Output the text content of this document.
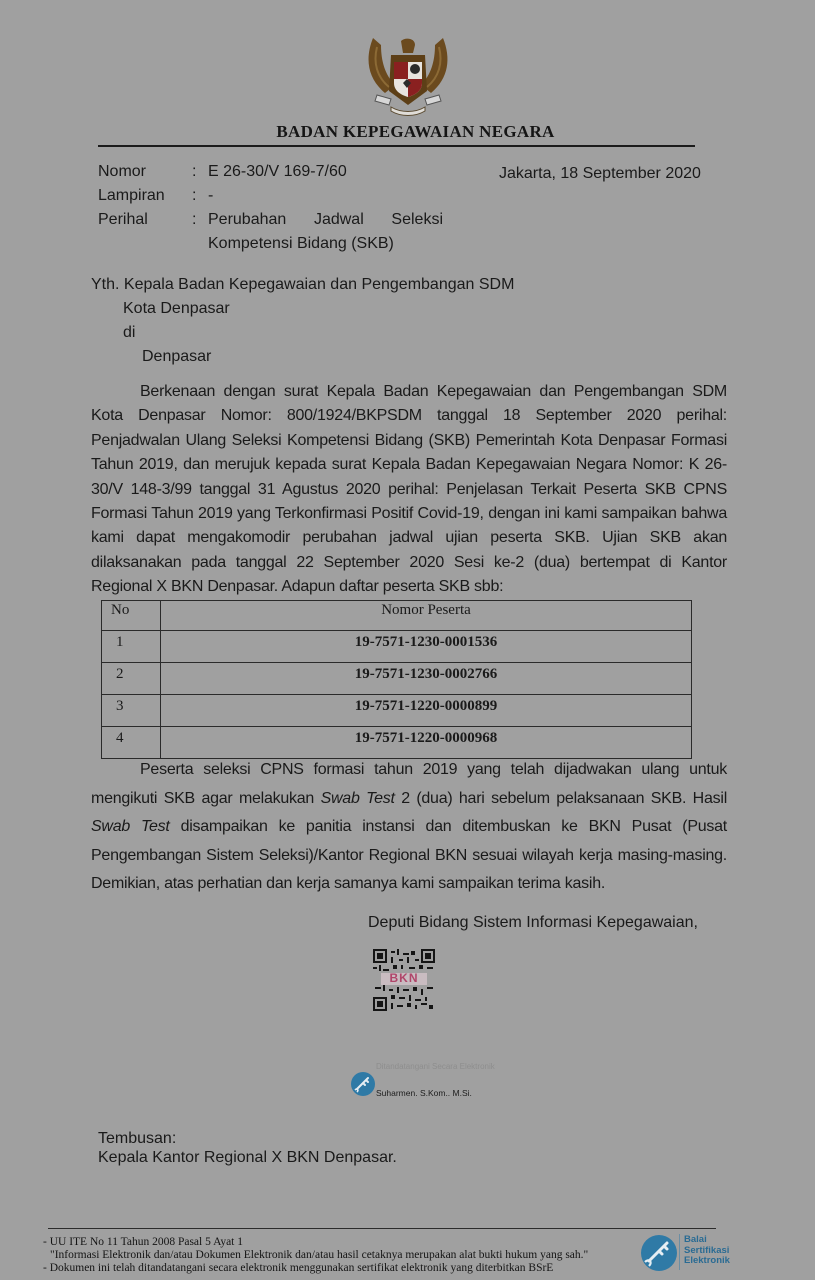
BADAN KEPEGAWAIAN NEGARA
Nomor	: E 26-30/V 169-7/60
Lampiran : -
Perihal	: Perubahan Jadwal Seleksi
Kompetensi Bidang (SKB)
Jakarta, 18 September 2020
Yth. Kepala Badan Kepegawaian dan Pengembangan SDM
Kota Denpasar
di
Denpasar

Berkenaan dengan surat Kepala Badan Kepegawaian dan Pengembangan SDM Kota Denpasar Nomor: 800/1924/BKPSDM tanggal 18 September 2020 perihal: Penjadwalan Ulang Seleksi Kompetensi Bidang (SKB) Pemerintah Kota Denpasar Formasi Tahun 2019, dan merujuk kepada surat Kepala Badan Kepegawaian Negara Nomor: K 26-30/V 148-3/99 tanggal 31 Agustus 2020 perihal: Penjelasan Terkait Peserta SKB CPNS Formasi Tahun 2019 yang Terkonfirmasi Positif Covid-19, dengan ini kami sampaikan bahwa kami dapat mengakomodir perubahan jadwal ujian peserta SKB. Ujian SKB akan dilaksanakan pada tanggal 22 September 2020 Sesi ke-2 (dua) bertempat di Kantor Regional X BKN Denpasar. Adapun daftar peserta SKB sbb:

No	Nomor Peserta
1	19-7571-1230-0001536
2	19-7571-1230-0002766
3	19-7571-1220-0000899
4	19-7571-1220-0000968

Peserta seleksi CPNS formasi tahun 2019 yang telah dijadwakan ulang untuk mengikuti SKB agar melakukan Swab Test 2 (dua) hari sebelum pelaksanaan SKB. Hasil Swab Test disampaikan ke panitia instansi dan ditembuskan ke BKN Pusat (Pusat Pengembangan Sistem Seleksi)/Kantor Regional BKN sesuai wilayah kerja masing-masing. Demikian, atas perhatian dan kerja samanya kami sampaikan terima kasih.

Deputi Bidang Sistem Informasi Kepegawaian,
BKN
Ditandatangani Secara Elektronik
Suharmen. S.Kom.. M.Si.
Tembusan:
Kepala Kantor Regional X BKN Denpasar.
- UU ITE No 11 Tahun 2008 Pasal 5 Ayat 1
"Informasi Elektronik dan/atau Dokumen Elektronik dan/atau hasil cetaknya merupakan alat bukti hukum yang sah."
- Dokumen ini telah ditandatangani secara elektronik menggunakan sertifikat elektronik yang diterbitkan BSrE
Balai
Sertifikasi
Elektronik
